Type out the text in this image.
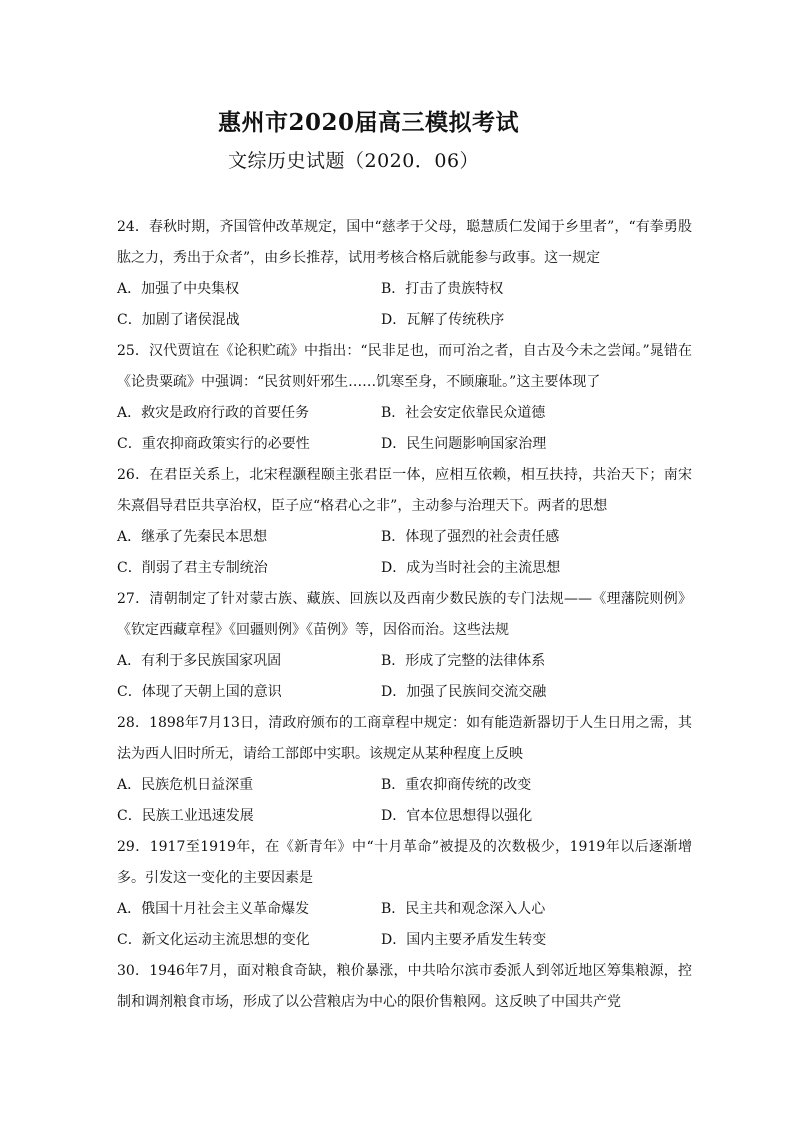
惠州市2020届高三模拟考试
文综历史试题（2020．06）

24．春秋时期，齐国管仲改革规定，国中“慈孝于父母，聪慧质仁发闻于乡里者”，“有拳勇股肱之力，秀出于众者”，由乡长推荐，试用考核合格后就能参与政事。这一规定

A．加强了中央集权	B．打击了贵族特权
C．加剧了诸侯混战	D．瓦解了传统秩序

25．汉代贾谊在《论积贮疏》中指出：“民非足也，而可治之者，自古及今未之尝闻。”晁错在《论贵粟疏》中强调：“民贫则奸邪生……饥寒至身，不顾廉耻。”这主要体现了

A．救灾是政府行政的首要任务	B．社会安定依靠民众道德
C．重农抑商政策实行的必要性	D．民生问题影响国家治理

26．在君臣关系上，北宋程灏程颐主张君臣一体，应相互依赖，相互扶持，共治天下；南宋朱熹倡导君臣共享治权，臣子应“格君心之非”，主动参与治理天下。两者的思想

A．继承了先秦民本思想	B．体现了强烈的社会责任感
C．削弱了君主专制统治	D．成为当时社会的主流思想

27．清朝制定了针对蒙古族、藏族、回族以及西南少数民族的专门法规——《理藩院则例》《钦定西藏章程》《回疆则例》《苗例》等，因俗而治。这些法规

A．有利于多民族国家巩固	B．形成了完整的法律体系
C．体现了天朝上国的意识	D．加强了民族间交流交融

28．1898年7月13日，清政府颁布的工商章程中规定：如有能造新器切于人生日用之需，其法为西人旧时所无，请给工部郎中实职。该规定从某种程度上反映

A．民族危机日益深重	B．重农抑商传统的改变
C．民族工业迅速发展	D．官本位思想得以强化

29．1917至1919年，在《新青年》中“十月革命”被提及的次数极少，1919年以后逐渐增多。引发这一变化的主要因素是

A．俄国十月社会主义革命爆发	B．民主共和观念深入人心
C．新文化运动主流思想的变化	D．国内主要矛盾发生转变

30．1946年7月，面对粮食奇缺，粮价暴涨，中共哈尔滨市委派人到邻近地区筹集粮源，控制和调剂粮食市场，形成了以公营粮店为中心的限价售粮网。这反映了中国共产党
